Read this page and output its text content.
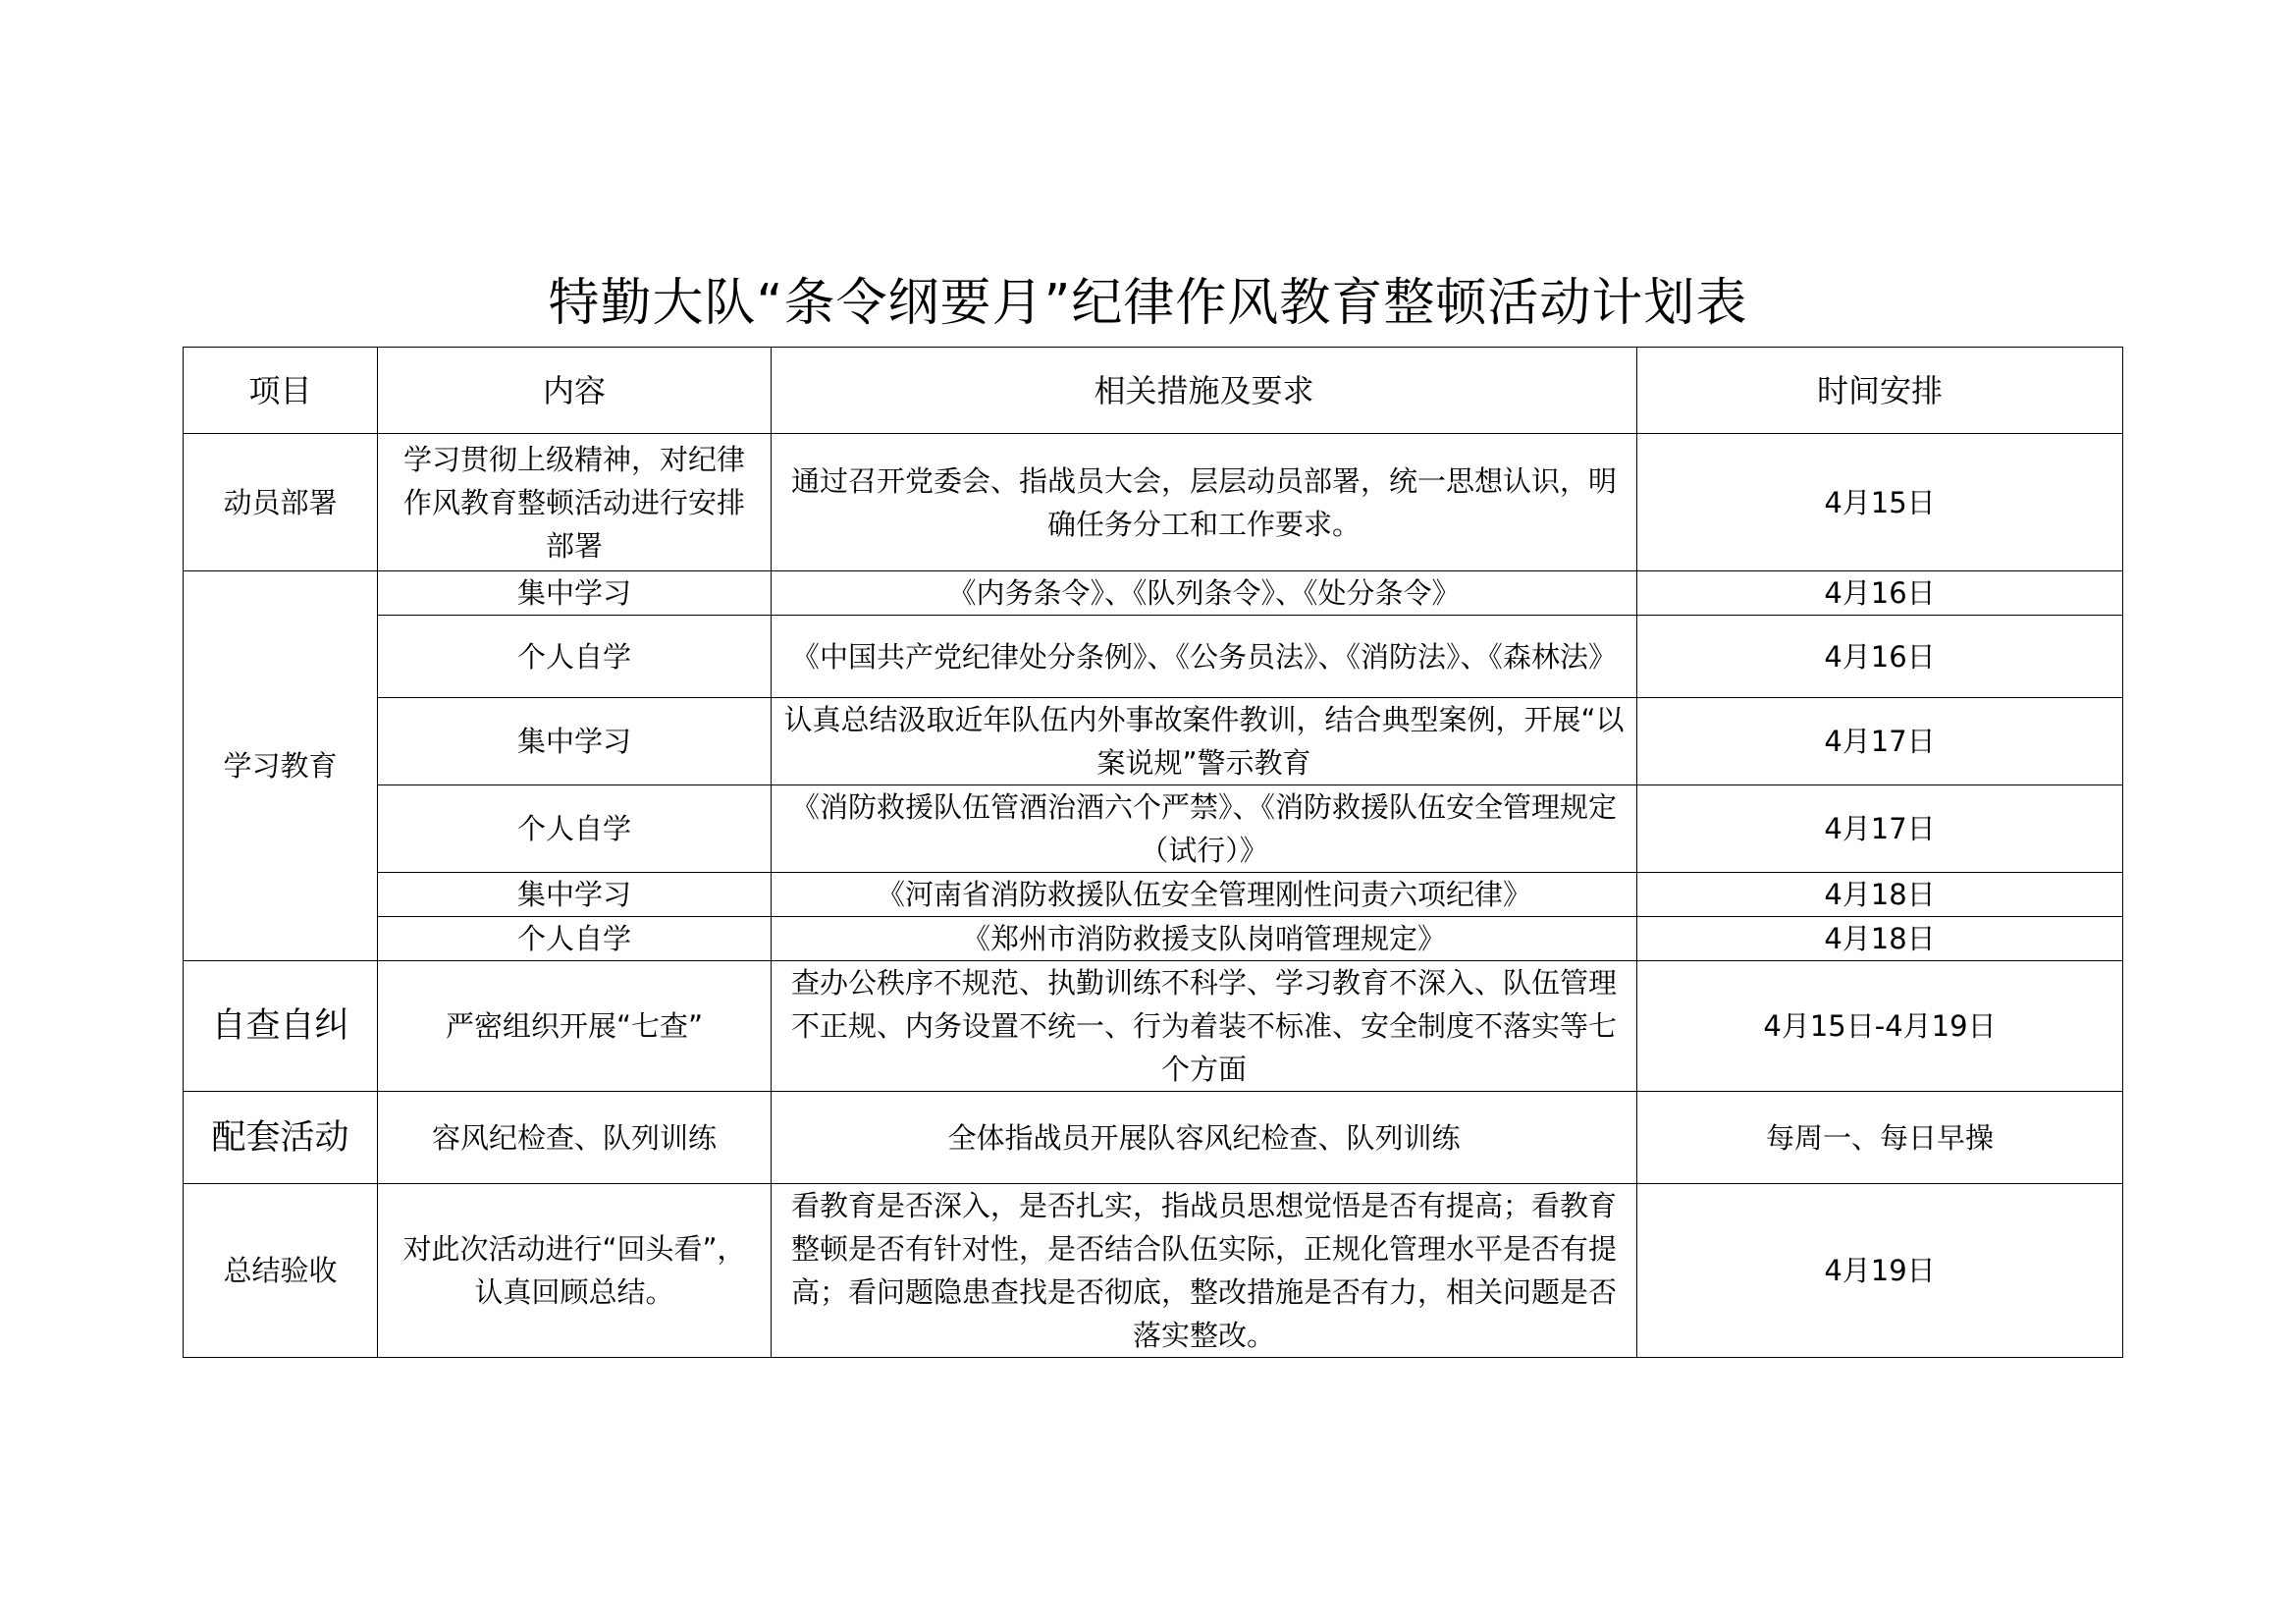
特勤大队“条令纲要月”纪律作风教育整顿活动计划表
项目	内容	相关措施及要求	时间安排
动员部署	学习贯彻上级精神，对纪律作风教育整顿活动进行安排部署	通过召开党委会、指战员大会，层层动员部署，统一思想认识，明确任务分工和工作要求。	4月15日
学习教育	集中学习	《内务条令》、《队列条令》、《处分条令》	4月16日
	个人自学	《中国共产党纪律处分条例》、《公务员法》、《消防法》、《森林法》	4月16日
	集中学习	认真总结汲取近年队伍内外事故案件教训，结合典型案例，开展“以案说规”警示教育	4月17日
	个人自学	《消防救援队伍管酒治酒六个严禁》、《消防救援队伍安全管理规定（试行）》	4月17日
	集中学习	《河南省消防救援队伍安全管理刚性问责六项纪律》	4月18日
	个人自学	《郑州市消防救援支队岗哨管理规定》	4月18日
自查自纠	严密组织开展“七查”	查办公秩序不规范、执勤训练不科学、学习教育不深入、队伍管理不正规、内务设置不统一、行为着装不标准、安全制度不落实等七个方面	4月15日-4月19日
配套活动	容风纪检查、队列训练	全体指战员开展队容风纪检查、队列训练	每周一、每日早操
总结验收	对此次活动进行“回头看”，认真回顾总结。	看教育是否深入，是否扎实，指战员思想觉悟是否有提高；看教育整顿是否有针对性，是否结合队伍实际，正规化管理水平是否有提高；看问题隐患查找是否彻底，整改措施是否有力，相关问题是否落实整改。	4月19日
